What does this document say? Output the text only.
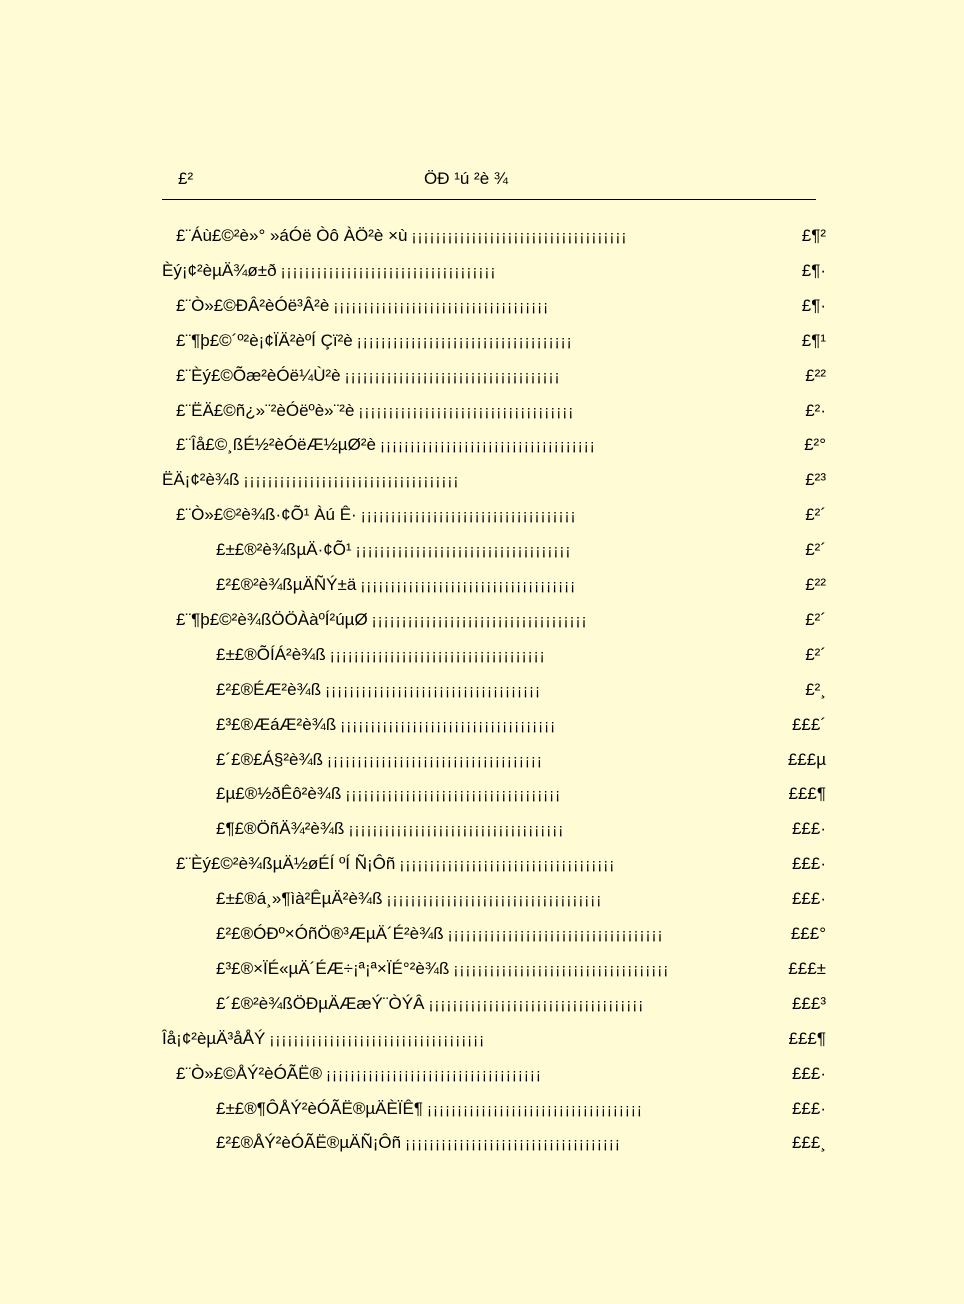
£²	ÖÐ ¹ú ²è ¾
£¨Áù£©²è»° »áÓë Òô ÀÖ²è ×ù ¡¡¡¡¡¡¡¡¡¡¡¡¡¡¡¡¡¡¡¡¡¡¡¡¡¡¡¡¡¡¡¡¡¡¡¡	£¶²
Èý¡¢²èµÄ¾ø±ð ¡¡¡¡¡¡¡¡¡¡¡¡¡¡¡¡¡¡¡¡¡¡¡¡¡¡¡¡¡¡¡¡¡¡¡¡	£¶·
£¨Ò»£©ÐÂ²èÓë³Â²è ¡¡¡¡¡¡¡¡¡¡¡¡¡¡¡¡¡¡¡¡¡¡¡¡¡¡¡¡¡¡¡¡¡¡¡¡	£¶·
£¨¶þ£©´º²è¡¢ÏÄ²èºÍ Çï²è ¡¡¡¡¡¡¡¡¡¡¡¡¡¡¡¡¡¡¡¡¡¡¡¡¡¡¡¡¡¡¡¡¡¡¡¡	£¶¹
£¨Èý£©Õæ²èÓë¼Ù²è ¡¡¡¡¡¡¡¡¡¡¡¡¡¡¡¡¡¡¡¡¡¡¡¡¡¡¡¡¡¡¡¡¡¡¡¡	£²²
£¨ËÄ£©ñ¿»¨²èÓëºè»¨²è ¡¡¡¡¡¡¡¡¡¡¡¡¡¡¡¡¡¡¡¡¡¡¡¡¡¡¡¡¡¡¡¡¡¡¡¡	£²·
£¨Îå£©¸ßÉ½²èÓëÆ½µØ²è ¡¡¡¡¡¡¡¡¡¡¡¡¡¡¡¡¡¡¡¡¡¡¡¡¡¡¡¡¡¡¡¡¡¡¡¡	£²°
ËÄ¡¢²è¾ß ¡¡¡¡¡¡¡¡¡¡¡¡¡¡¡¡¡¡¡¡¡¡¡¡¡¡¡¡¡¡¡¡¡¡¡¡	£²³
£¨Ò»£©²è¾ß·¢Õ¹ Àú Ê· ¡¡¡¡¡¡¡¡¡¡¡¡¡¡¡¡¡¡¡¡¡¡¡¡¡¡¡¡¡¡¡¡¡¡¡¡	£²´
£±£®²è¾ßµÄ·¢Õ¹ ¡¡¡¡¡¡¡¡¡¡¡¡¡¡¡¡¡¡¡¡¡¡¡¡¡¡¡¡¡¡¡¡¡¡¡¡	£²´
£²£®²è¾ßµÄÑÝ±ä ¡¡¡¡¡¡¡¡¡¡¡¡¡¡¡¡¡¡¡¡¡¡¡¡¡¡¡¡¡¡¡¡¡¡¡¡	£²²
£¨¶þ£©²è¾ßÖÖÀàºÍ²úµØ ¡¡¡¡¡¡¡¡¡¡¡¡¡¡¡¡¡¡¡¡¡¡¡¡¡¡¡¡¡¡¡¡¡¡¡¡	£²´
£±£®ÕÍÁ²è¾ß ¡¡¡¡¡¡¡¡¡¡¡¡¡¡¡¡¡¡¡¡¡¡¡¡¡¡¡¡¡¡¡¡¡¡¡¡	£²´
£²£®ÉÆ²è¾ß ¡¡¡¡¡¡¡¡¡¡¡¡¡¡¡¡¡¡¡¡¡¡¡¡¡¡¡¡¡¡¡¡¡¡¡¡	£²¸
£³£®ÆáÆ²è¾ß ¡¡¡¡¡¡¡¡¡¡¡¡¡¡¡¡¡¡¡¡¡¡¡¡¡¡¡¡¡¡¡¡¡¡¡¡	£££´
£´£®£Á§²è¾ß ¡¡¡¡¡¡¡¡¡¡¡¡¡¡¡¡¡¡¡¡¡¡¡¡¡¡¡¡¡¡¡¡¡¡¡¡	£££µ
£µ£®½ðÊô²è¾ß ¡¡¡¡¡¡¡¡¡¡¡¡¡¡¡¡¡¡¡¡¡¡¡¡¡¡¡¡¡¡¡¡¡¡¡¡	£££¶
£¶£®ÖñÄ¾²è¾ß ¡¡¡¡¡¡¡¡¡¡¡¡¡¡¡¡¡¡¡¡¡¡¡¡¡¡¡¡¡¡¡¡¡¡¡¡	£££·
£¨Èý£©²è¾ßµÄ½øÉÍ ºÍ Ñ¡Ôñ ¡¡¡¡¡¡¡¡¡¡¡¡¡¡¡¡¡¡¡¡¡¡¡¡¡¡¡¡¡¡¡¡¡¡¡¡	£££·
£±£®á¸»¶ìà²ÊµÄ²è¾ß ¡¡¡¡¡¡¡¡¡¡¡¡¡¡¡¡¡¡¡¡¡¡¡¡¡¡¡¡¡¡¡¡¡¡¡¡	£££·
£²£®ÓÐº×ÓñÖ®³ÆµÄ´É²è¾ß ¡¡¡¡¡¡¡¡¡¡¡¡¡¡¡¡¡¡¡¡¡¡¡¡¡¡¡¡¡¡¡¡¡¡¡¡	£££°
£³£®×ÏÉ«µÄ´ÉÆ÷¡ª¡ª×ÏÉ°²è¾ß ¡¡¡¡¡¡¡¡¡¡¡¡¡¡¡¡¡¡¡¡¡¡¡¡¡¡¡¡¡¡¡¡¡¡¡¡	£££±
£´£®²è¾ßÖÐµÄÆæÝ¨ÒÝÂ ¡¡¡¡¡¡¡¡¡¡¡¡¡¡¡¡¡¡¡¡¡¡¡¡¡¡¡¡¡¡¡¡¡¡¡¡	£££³
Îå¡¢²èµÄ³åÅÝ ¡¡¡¡¡¡¡¡¡¡¡¡¡¡¡¡¡¡¡¡¡¡¡¡¡¡¡¡¡¡¡¡¡¡¡¡	£££¶
£¨Ò»£©ÅÝ²èÓÃË® ¡¡¡¡¡¡¡¡¡¡¡¡¡¡¡¡¡¡¡¡¡¡¡¡¡¡¡¡¡¡¡¡¡¡¡¡	£££·
£±£®¶ÔÅÝ²èÓÃË®µÄÈÏÊ¶ ¡¡¡¡¡¡¡¡¡¡¡¡¡¡¡¡¡¡¡¡¡¡¡¡¡¡¡¡¡¡¡¡¡¡¡¡	£££·
£²£®ÅÝ²èÓÃË®µÄÑ¡Ôñ ¡¡¡¡¡¡¡¡¡¡¡¡¡¡¡¡¡¡¡¡¡¡¡¡¡¡¡¡¡¡¡¡¡¡¡¡	£££¸
